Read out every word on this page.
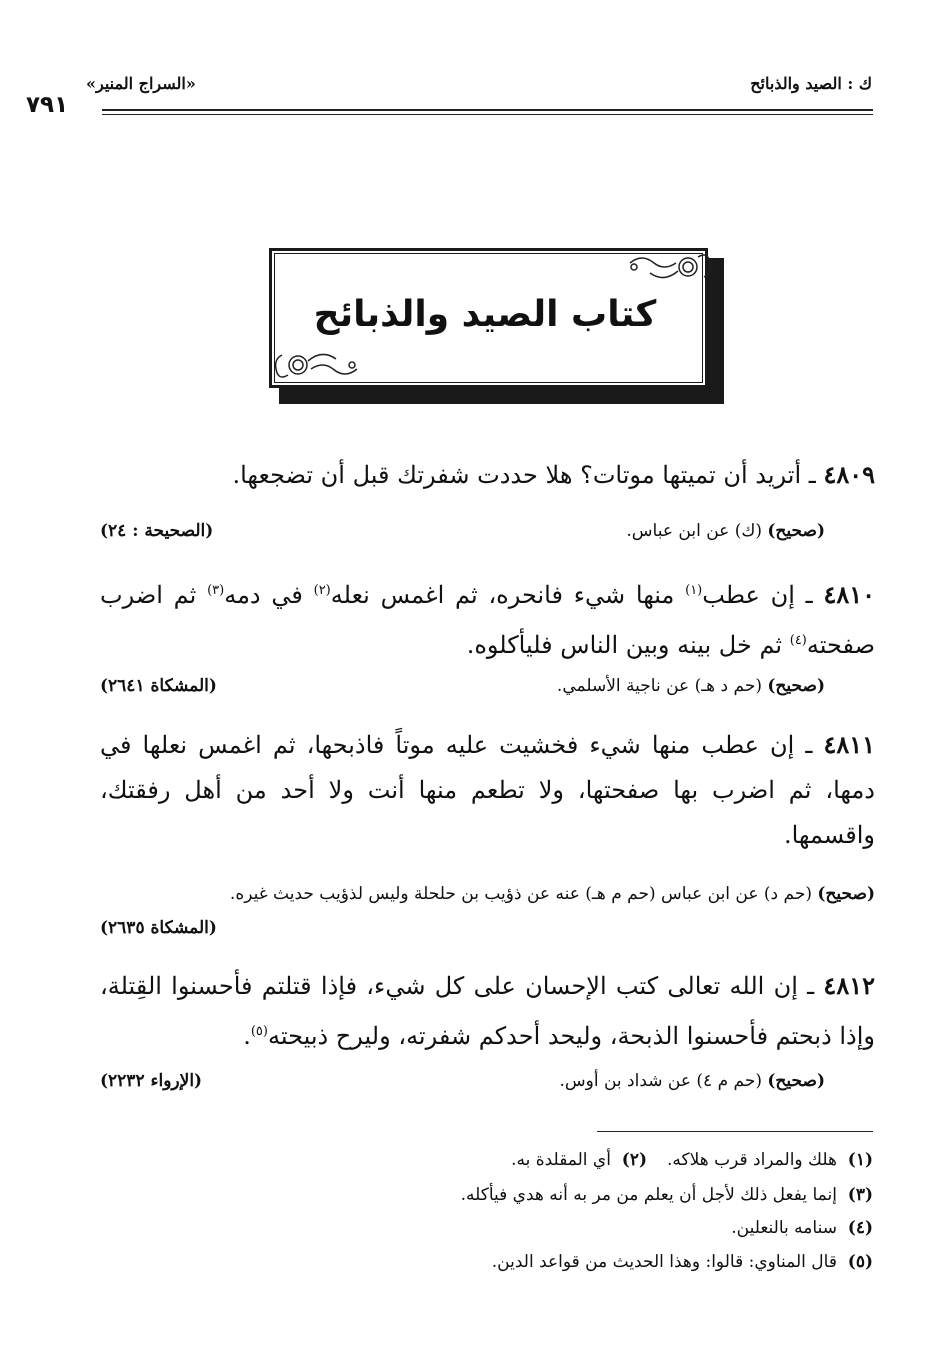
ك : الصيد والذبائح
«السراج المنير»
٧٩١
كتاب الصيد والذبائح
٤٨٠٩ ـ أتريد أن تميتها موتات؟ هلا حددت شفرتك قبل أن تضجعها.
(صحيح) (ك) عن ابن عباس.
(الصحيحة : ٢٤)
٤٨١٠ ـ إن عطب$^{(١)}$ منها شيء فانحره، ثم اغمس نعله$^{(٢)}$ في دمه$^{(٣)}$ ثم اضرب صفحته$^{(٤)}$ ثم خل بينه وبين الناس فليأكلوه.
(صحيح) (حم د هـ) عن ناجية الأسلمي.
(المشكاة ٢٦٤١)
٤٨١١ ـ إن عطب منها شيء فخشيت عليه موتاً فاذبحها، ثم اغمس نعلها في دمها، ثم اضرب بها صفحتها، ولا تطعم منها أنت ولا أحد من أهل رفقتك، واقسمها.
(صحيح) (حم د) عن ابن عباس (حم م هـ) عنه عن ذؤيب بن حلحلة وليس لذؤيب حديث غيره.
(المشكاة ٢٦٣٥)
٤٨١٢ ـ إن الله تعالى كتب الإحسان على كل شيء، فإذا قتلتم فأحسنوا القِتلة، وإذا ذبحتم فأحسنوا الذبحة، وليحد أحدكم شفرته، وليرح ذبيحته$^{(٥)}$.
(صحيح) (حم م ٤) عن شداد بن أوس.
(الإرواء ٢٢٣٢)
(١)  هلك والمراد قرب هلاكه.
(٢)  أي المقلدة به.
(٣)  إنما يفعل ذلك لأجل أن يعلم من مر به أنه هدي فيأكله.
(٤)  سنامه بالنعلين.
(٥)  قال المناوي: قالوا: وهذا الحديث من قواعد الدين.
